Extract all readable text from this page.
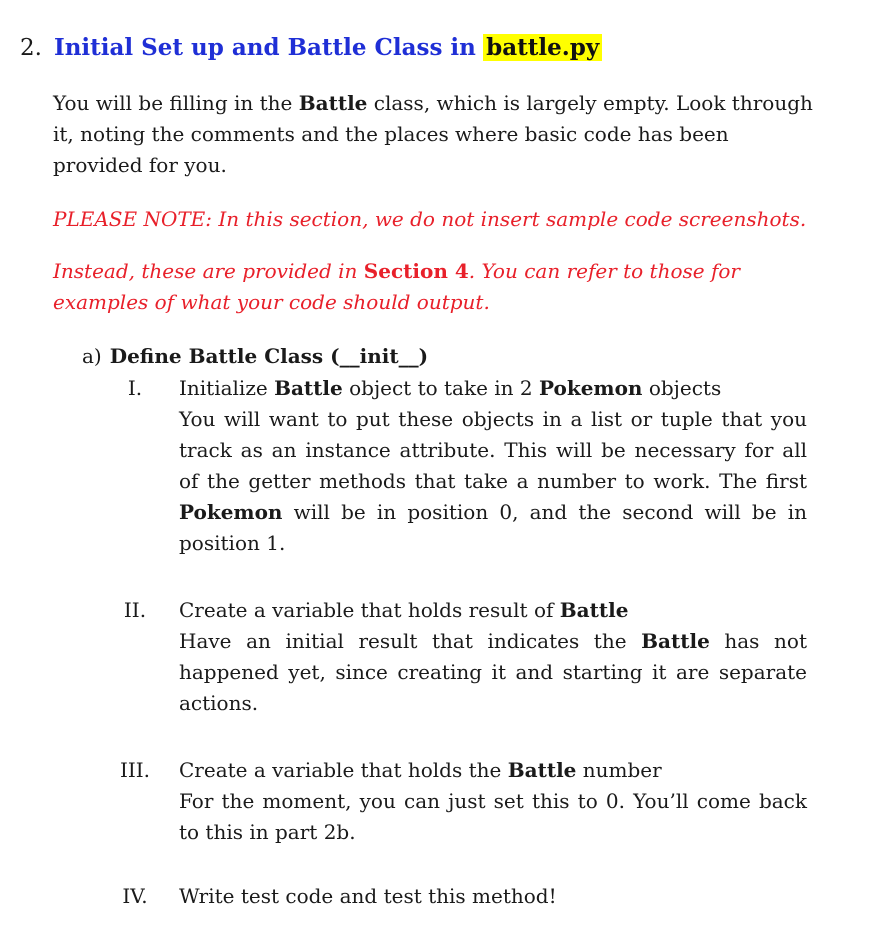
2. Initial Set up and Battle Class in battle.py
You will be filling in the Battle class, which is largely empty. Look through it, noting the comments and the places where basic code has been provided for you.
PLEASE NOTE: In this section, we do not insert sample code screenshots.
Instead, these are provided in Section 4. You can refer to those for examples of what your code should output.
a) Define Battle Class (__init__)
I.	Initialize Battle object to take in 2 Pokemon objects
You will want to put these objects in a list or tuple that you track as an instance attribute. This will be necessary for all of the getter methods that take a number to work. The first Pokemon will be in position 0, and the second will be in position 1.
II.	Create a variable that holds result of Battle
Have an initial result that indicates the Battle has not happened yet, since creating it and starting it are separate actions.
III.	Create a variable that holds the Battle number
For the moment, you can just set this to 0. You’ll come back to this in part 2b.
IV.	Write test code and test this method!
